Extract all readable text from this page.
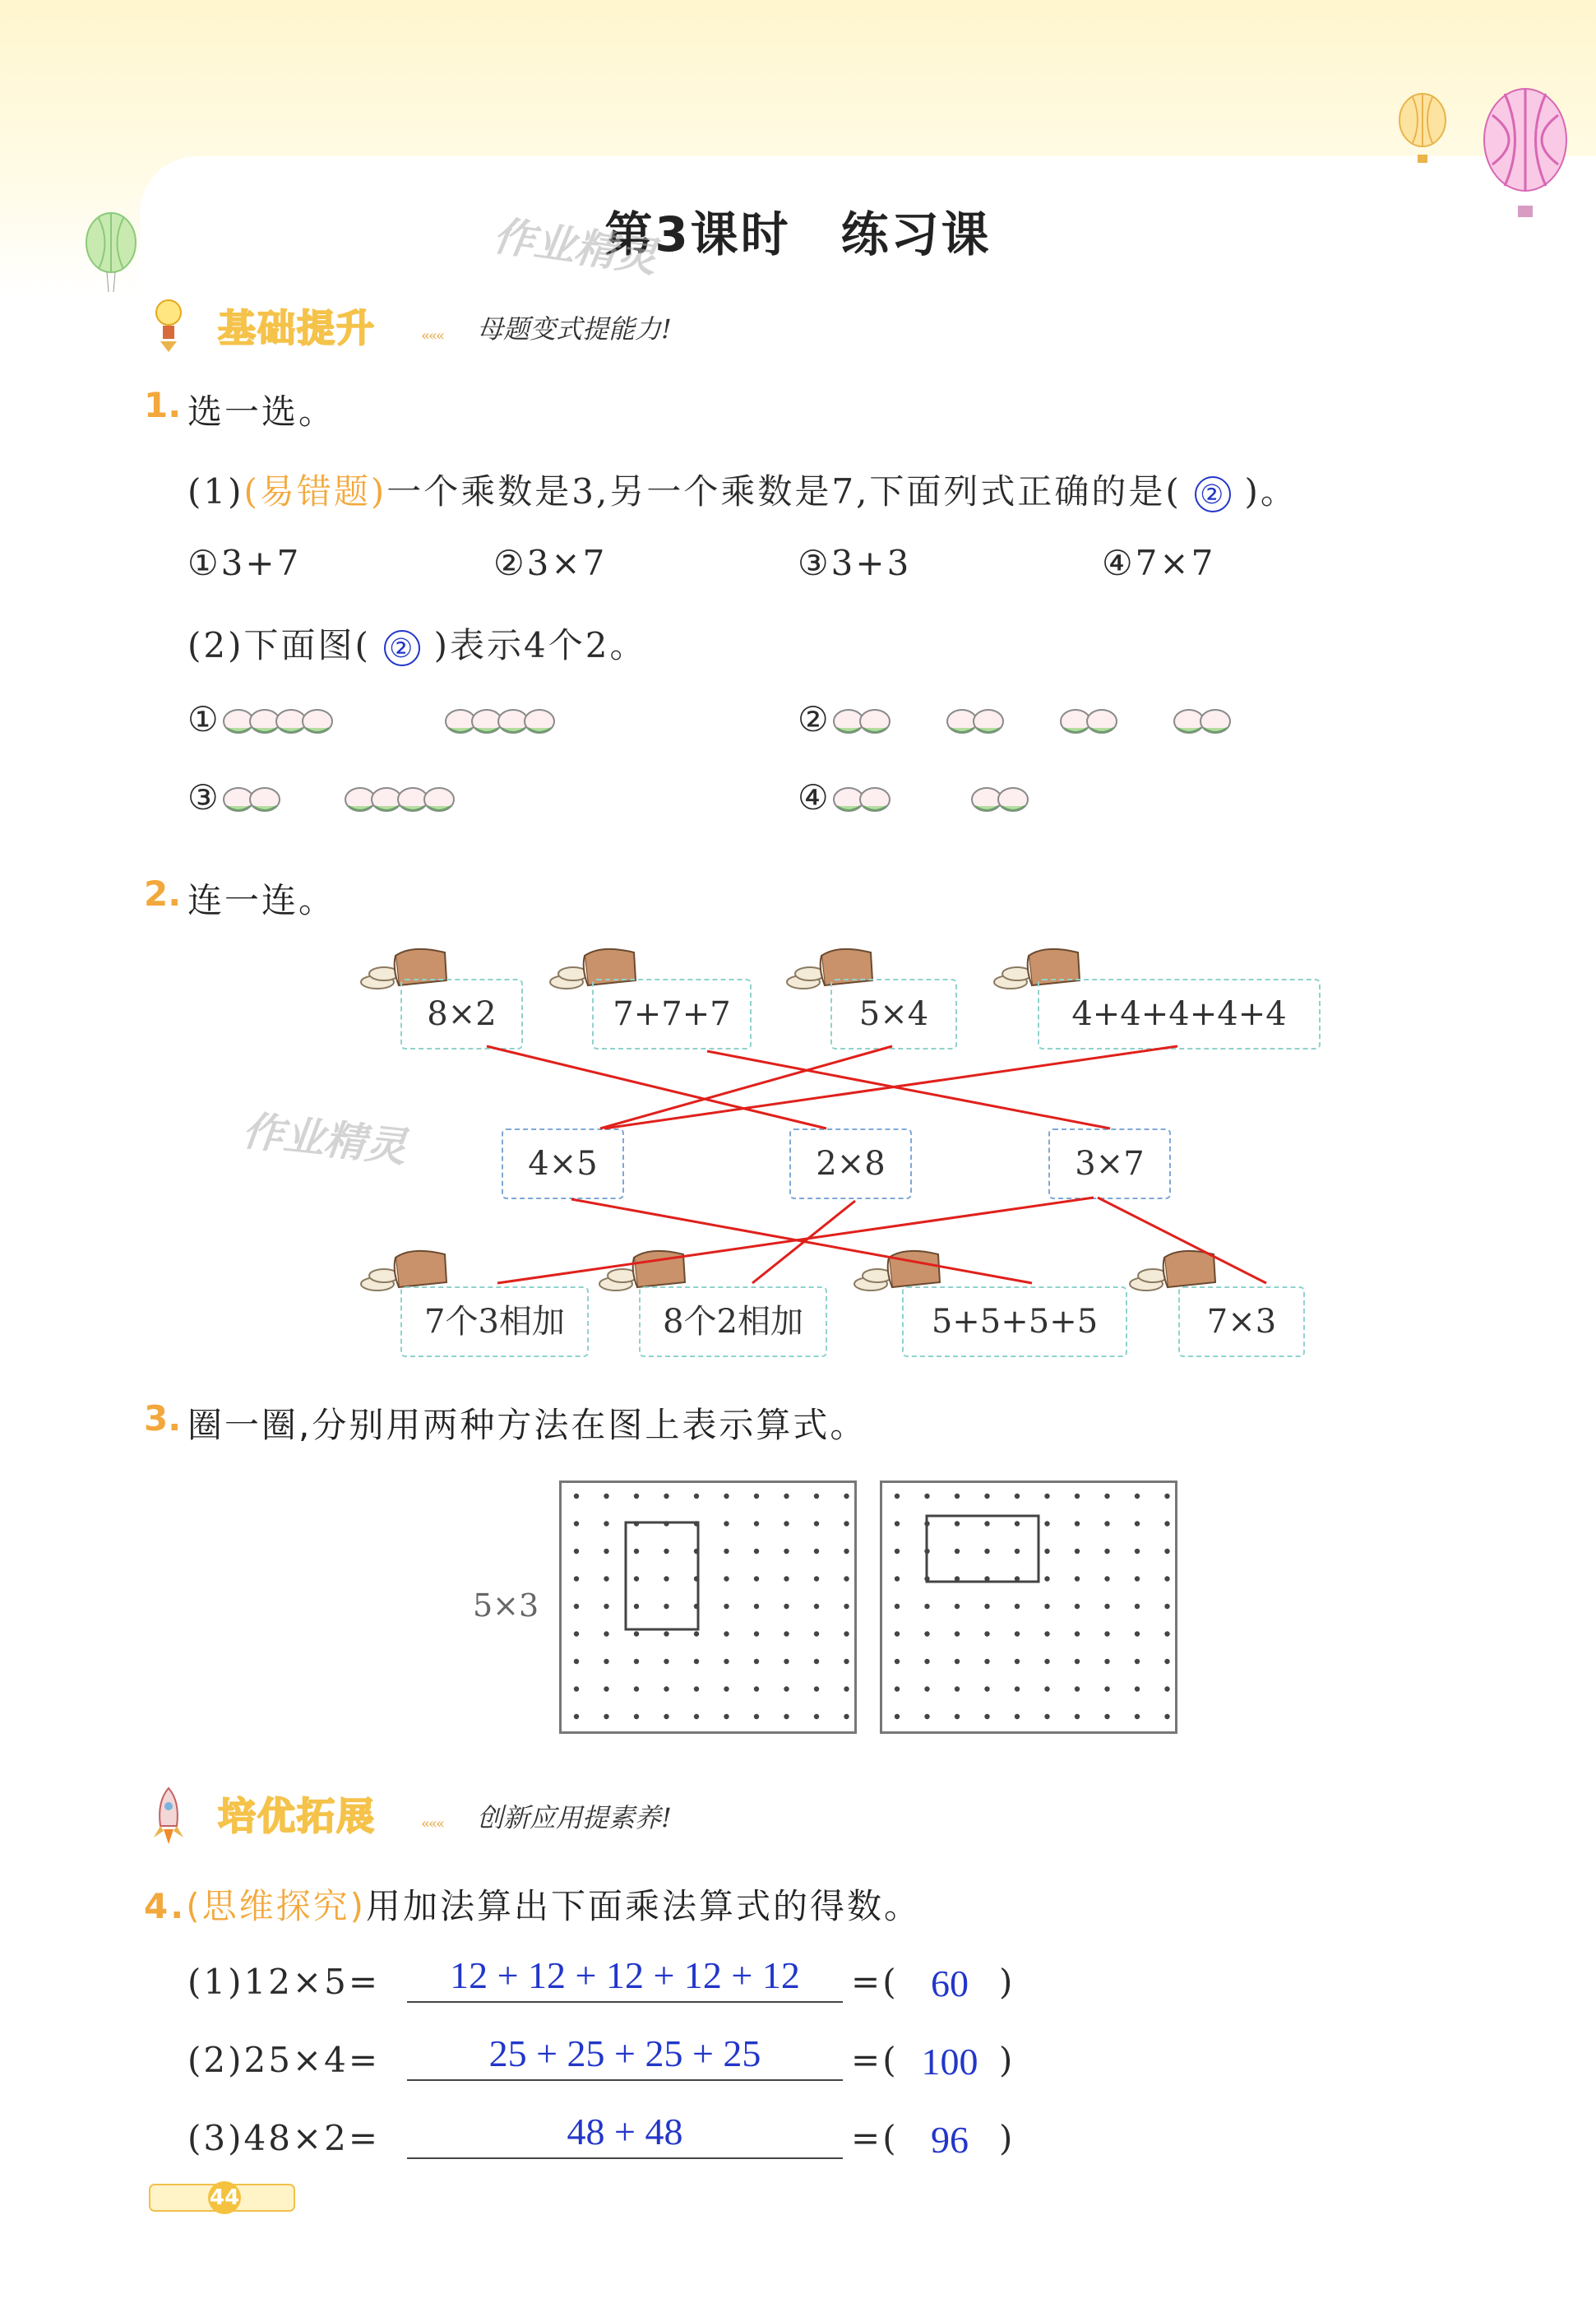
第3课时　练习课
作业精灵
基础提升	««« 母题变式提能力!
1. 选一选。
(1)(易错题)一个乘数是3,另一个乘数是7,下面列式正确的是( ② )。
①3+7	②3×7	③3+3	④7×7
(2)下面图( ② )表示4个2。
①	②
③	④
2. 连一连。
8×2	7+7+7	5×4	4+4+4+4+4
4×5	2×8	3×7
7个3相加	8个2相加	5+5+5+5	7×3
作业精灵
3. 圈一圈,分别用两种方法在图上表示算式。
5×3
培优拓展	««« 创新应用提素养!
4.(思维探究)用加法算出下面乘法算式的得数。
(1)12×5=	12 + 12 + 12 + 12 + 12	=( 60 )
(2)25×4=	25 + 25 + 25 + 25	=( 100 )
(3)48×2=	48 + 48	=( 96 )
44
